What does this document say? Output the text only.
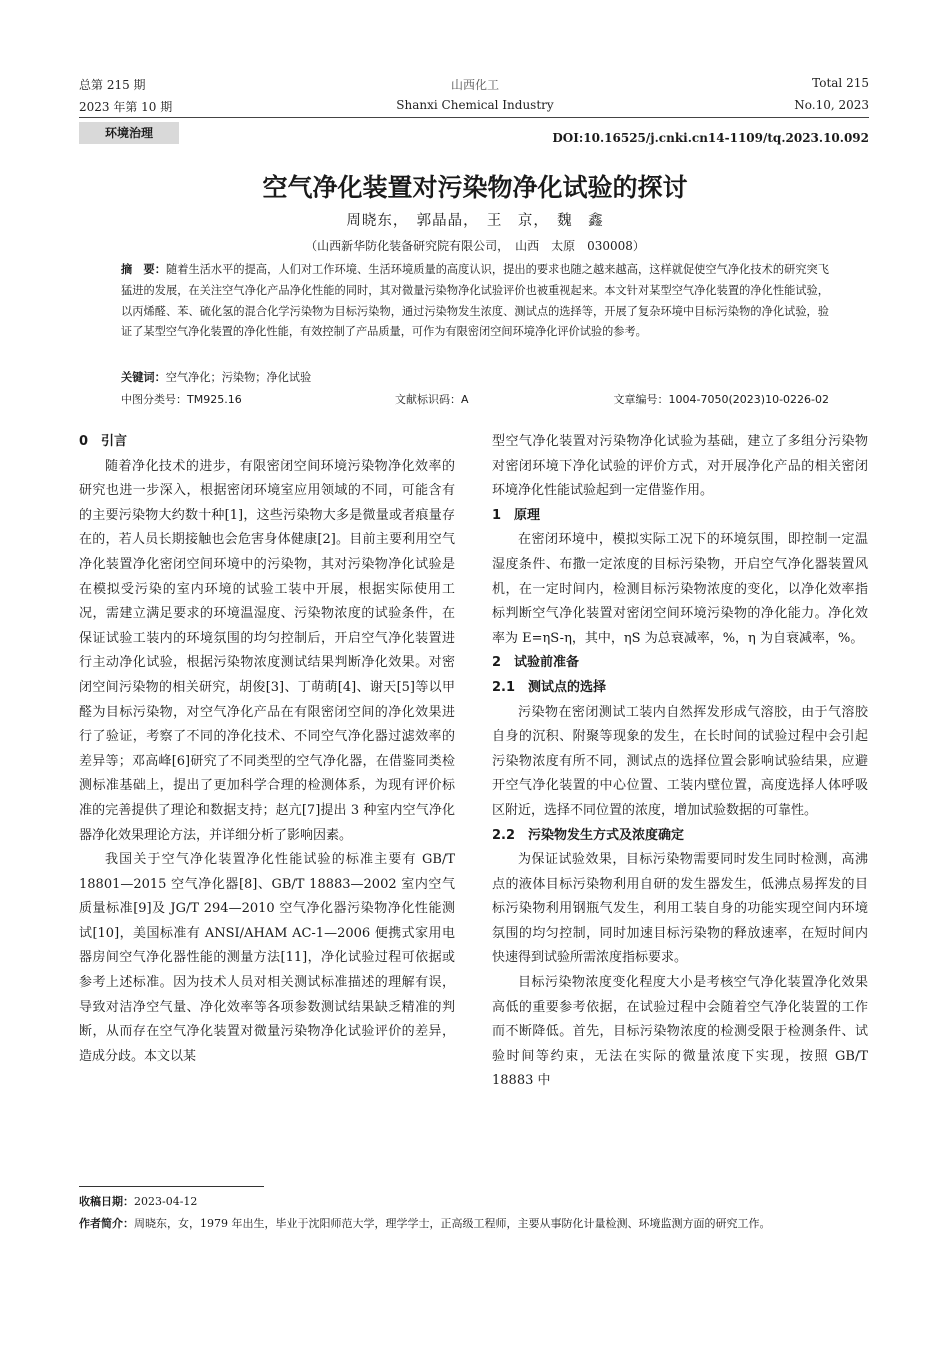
总第 215 期
2023 年第 10 期
山西化工
Shanxi Chemical Industry
Total 215
No.10, 2023
环境治理	DOI:10.16525/j.cnki.cn14-1109/tq.2023.10.092
空气净化装置对污染物净化试验的探讨
周晓东，　郭晶晶，　王　京，　魏　鑫
（山西新华防化装备研究院有限公司，　山西　太原　030008）
摘　要：随着生活水平的提高，人们对工作环境、生活环境质量的高度认识，提出的要求也随之越来越高，这样就促使空气净化技术的研究突飞猛进的发展，在关注空气净化产品净化性能的同时，其对微量污染物净化试验评价也被重视起来。本文针对某型空气净化装置的净化性能试验，以丙烯醛、苯、硫化氢的混合化学污染物为目标污染物，通过污染物发生浓度、测试点的选择等，开展了复杂环境中目标污染物的净化试验，验证了某型空气净化装置的净化性能，有效控制了产品质量，可作为有限密闭空间环境净化评价试验的参考。
关键词：空气净化；污染物；净化试验
中图分类号：TM925.16	文献标识码：A	文章编号：1004-7050(2023)10-0226-02
0　引言

随着净化技术的进步，有限密闭空间环境污染物净化效率的研究也进一步深入，根据密闭环境室应用领域的不同，可能含有的主要污染物大约数十种[1]，这些污染物大多是微量或者痕量存在的，若人员长期接触也会危害身体健康[2]。目前主要利用空气净化装置净化密闭空间环境中的污染物，其对污染物净化试验是在模拟受污染的室内环境的试验工装中开展，根据实际使用工况，需建立满足要求的环境温湿度、污染物浓度的试验条件，在保证试验工装内的环境氛围的均匀控制后，开启空气净化装置进行主动净化试验，根据污染物浓度测试结果判断净化效果。对密闭空间污染物的相关研究，胡俊[3]、丁萌萌[4]、谢天[5]等以甲醛为目标污染物，对空气净化产品在有限密闭空间的净化效果进行了验证，考察了不同的净化技术、不同空气净化器过滤效率的差异等；邓高峰[6]研究了不同类型的空气净化器，在借鉴同类检测标准基础上，提出了更加科学合理的检测体系，为现有评价标准的完善提供了理论和数据支持；赵亢[7]提出 3 种室内空气净化器净化效果理论方法，并详细分析了影响因素。

我国关于空气净化装置净化性能试验的标准主要有 GB/T 18801—2015 空气净化器[8]、GB/T 18883—2002 室内空气质量标准[9]及 JG/T 294—2010 空气净化器污染物净化性能测试[10]，美国标准有 ANSI/AHAM AC-1—2006 便携式家用电器房间空气净化器性能的测量方法[11]，净化试验过程可依据或参考上述标准。因为技术人员对相关测试标准描述的理解有误，导致对洁净空气量、净化效率等各项参数测试结果缺乏精准的判断，从而存在空气净化装置对微量污染物净化试验评价的差异，造成分歧。本文以某

型空气净化装置对污染物净化试验为基础，建立了多组分污染物对密闭环境下净化试验的评价方式，对开展净化产品的相关密闭环境净化性能试验起到一定借鉴作用。

1　原理

在密闭环境中，模拟实际工况下的环境氛围，即控制一定温湿度条件、布撒一定浓度的目标污染物，开启空气净化器装置风机，在一定时间内，检测目标污染物浓度的变化，以净化效率指标判断空气净化装置对密闭空间环境污染物的净化能力。净化效率为 E=ηS-η，其中，ηS 为总衰减率，%，η 为自衰减率，%。

2　试验前准备
2.1　测试点的选择

污染物在密闭测试工装内自然挥发形成气溶胶，由于气溶胶自身的沉积、附聚等现象的发生，在长时间的试验过程中会引起污染物浓度有所不同，测试点的选择位置会影响试验结果，应避开空气净化装置的中心位置、工装内壁位置，高度选择人体呼吸区附近，选择不同位置的浓度，增加试验数据的可靠性。

2.2　污染物发生方式及浓度确定

为保证试验效果，目标污染物需要同时发生同时检测，高沸点的液体目标污染物利用自研的发生器发生，低沸点易挥发的目标污染物利用钢瓶气发生，利用工装自身的功能实现空间内环境氛围的均匀控制，同时加速目标污染物的释放速率，在短时间内快速得到试验所需浓度指标要求。

目标污染物浓度变化程度大小是考核空气净化装置净化效果高低的重要参考依据，在试验过程中会随着空气净化装置的工作而不断降低。首先，目标污染物浓度的检测受限于检测条件、试验时间等约束，无法在实际的微量浓度下实现，按照 GB/T 18883 中

收稿日期：2023-04-12
作者简介：周晓东，女，1979 年出生，毕业于沈阳师范大学，理学学士，正高级工程师，主要从事防化计量检测、环境监测方面的研究工作。
